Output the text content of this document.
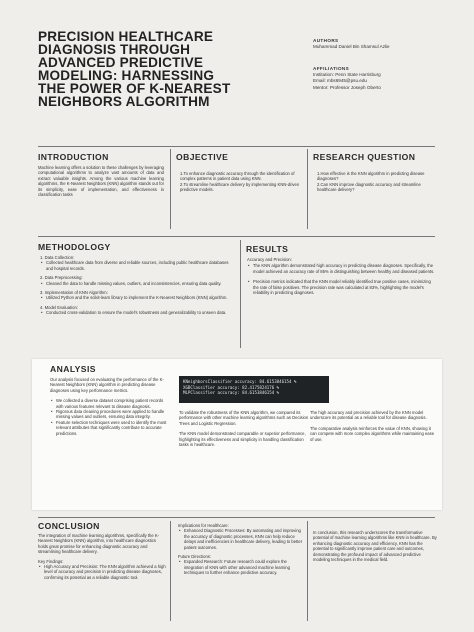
PRECISION HEALTHCARE
DIAGNOSIS THROUGH
ADVANCED PREDICTIVE
MODELING: HARNESSING
THE POWER OF K-NEAREST
NEIGHBORS ALGORITHM
AUTHORS
Muhammad Daniel Bin Shamsul Azlie
AFFILIATIONS
Institution: Penn State Harrisburg
Email: mbs6945@psu.edu
Mentor: Professor Joseph Oberto
INTRODUCTION
Machine learning offers a solution to these challenges by leveraging computational algorithms to analyze vast amounts of data and extract valuable insights. Among the various machine learning algorithms, the K-Nearest Neighbors (KNN) algorithm stands out for its simplicity, ease of implementation, and effectiveness in classification tasks
OBJECTIVE

1.To enhance diagnostic accuracy through the identification of complex patterns in patient data using KNN.

2.To streamline healthcare delivery by implementing KNN-driven predictive models.

RESEARCH QUESTION

1.How effective is the KNN algorithm in predicting disease diagnoses?

2.Can KNN improve diagnostic accuracy and streamline healthcare delivery?

METHODOLOGY

1. Data Collection:

• Collected healthcare data from diverse and reliable sources, including public healthcare databases and hospital records.

2. Data Preprocessing:

• Cleaned the data to handle missing values, outliers, and inconsistencies, ensuring data quality.

3. Implementation of KNN Algorithm:

• Utilized Python and the scikit-learn library to implement the K-Nearest Neighbors (KNN) algorithm.

4. Model Evaluation:

• Conducted cross-validation to ensure the model's robustness and generalizability to unseen data.
RESULTS

Accuracy and Precision:

• The KNN algorithm demonstrated high accuracy in predicting disease diagnoses. Specifically, the model achieved an accuracy rate of 85% in distinguishing between healthy and diseased patients.
• Precision metrics indicated that the KNN model reliably identified true positive cases, minimizing the rate of false positives. The precision rate was calculated at 83%, highlighting the model's reliability in predicting diagnoses.
ANALYSIS

Our analysis focused on evaluating the performance of the K-Nearest Neighbors (KNN) algorithm in predicting disease diagnoses using key performance metrics.

• We collected a diverse dataset comprising patient records with various features relevant to disease diagnosis.
• Rigorous data cleaning procedures were applied to handle missing values and outliers, ensuring data integrity.
• Feature selection techniques were used to identify the most relevant attributes that significantly contribute to accurate predictions.
KNeighborsClassifier accuracy: 84.6153846154 %
XGBClassifier accuracy: 82.4175824176 %
MLPClassifier accuracy: 84.6153846154 %

To validate the robustness of the KNN algorithm, we compared its performance with other machine learning algorithms such as Decision Trees and Logistic Regression.

The KNN model demonstrated comparable or superior performance, highlighting its effectiveness and simplicity in handling classification tasks in healthcare.

The high accuracy and precision achieved by the KNN model underscore its potential as a reliable tool for disease diagnosis.

The comparative analysis reinforces the value of KNN, showing it can compete with more complex algorithms while maintaining ease of use.

CONCLUSION

The integration of machine learning algorithms, specifically the K-Nearest Neighbors (KNN) algorithm, into healthcare diagnostics holds great promise for enhancing diagnostic accuracy and streamlining healthcare delivery.

Key Findings:

• High Accuracy and Precision: The KNN algorithm achieved a high level of accuracy and precision in predicting disease diagnoses, confirming its potential as a reliable diagnostic tool.

Implications for Healthcare:

• Enhanced Diagnostic Processes: By automating and improving the accuracy of diagnostic processes, KNN can help reduce delays and inefficiencies in healthcare delivery, leading to better patient outcomes.

Future Directions:

• Expanded Research: Future research could explore the integration of KNN with other advanced machine learning techniques to further enhance predictive accuracy.

In conclusion, this research underscores the transformative potential of machine learning algorithms like KNN in healthcare. By enhancing diagnostic accuracy and efficiency, KNN has the potential to significantly improve patient care and outcomes, demonstrating the profound impact of advanced predictive modeling techniques in the medical field.
